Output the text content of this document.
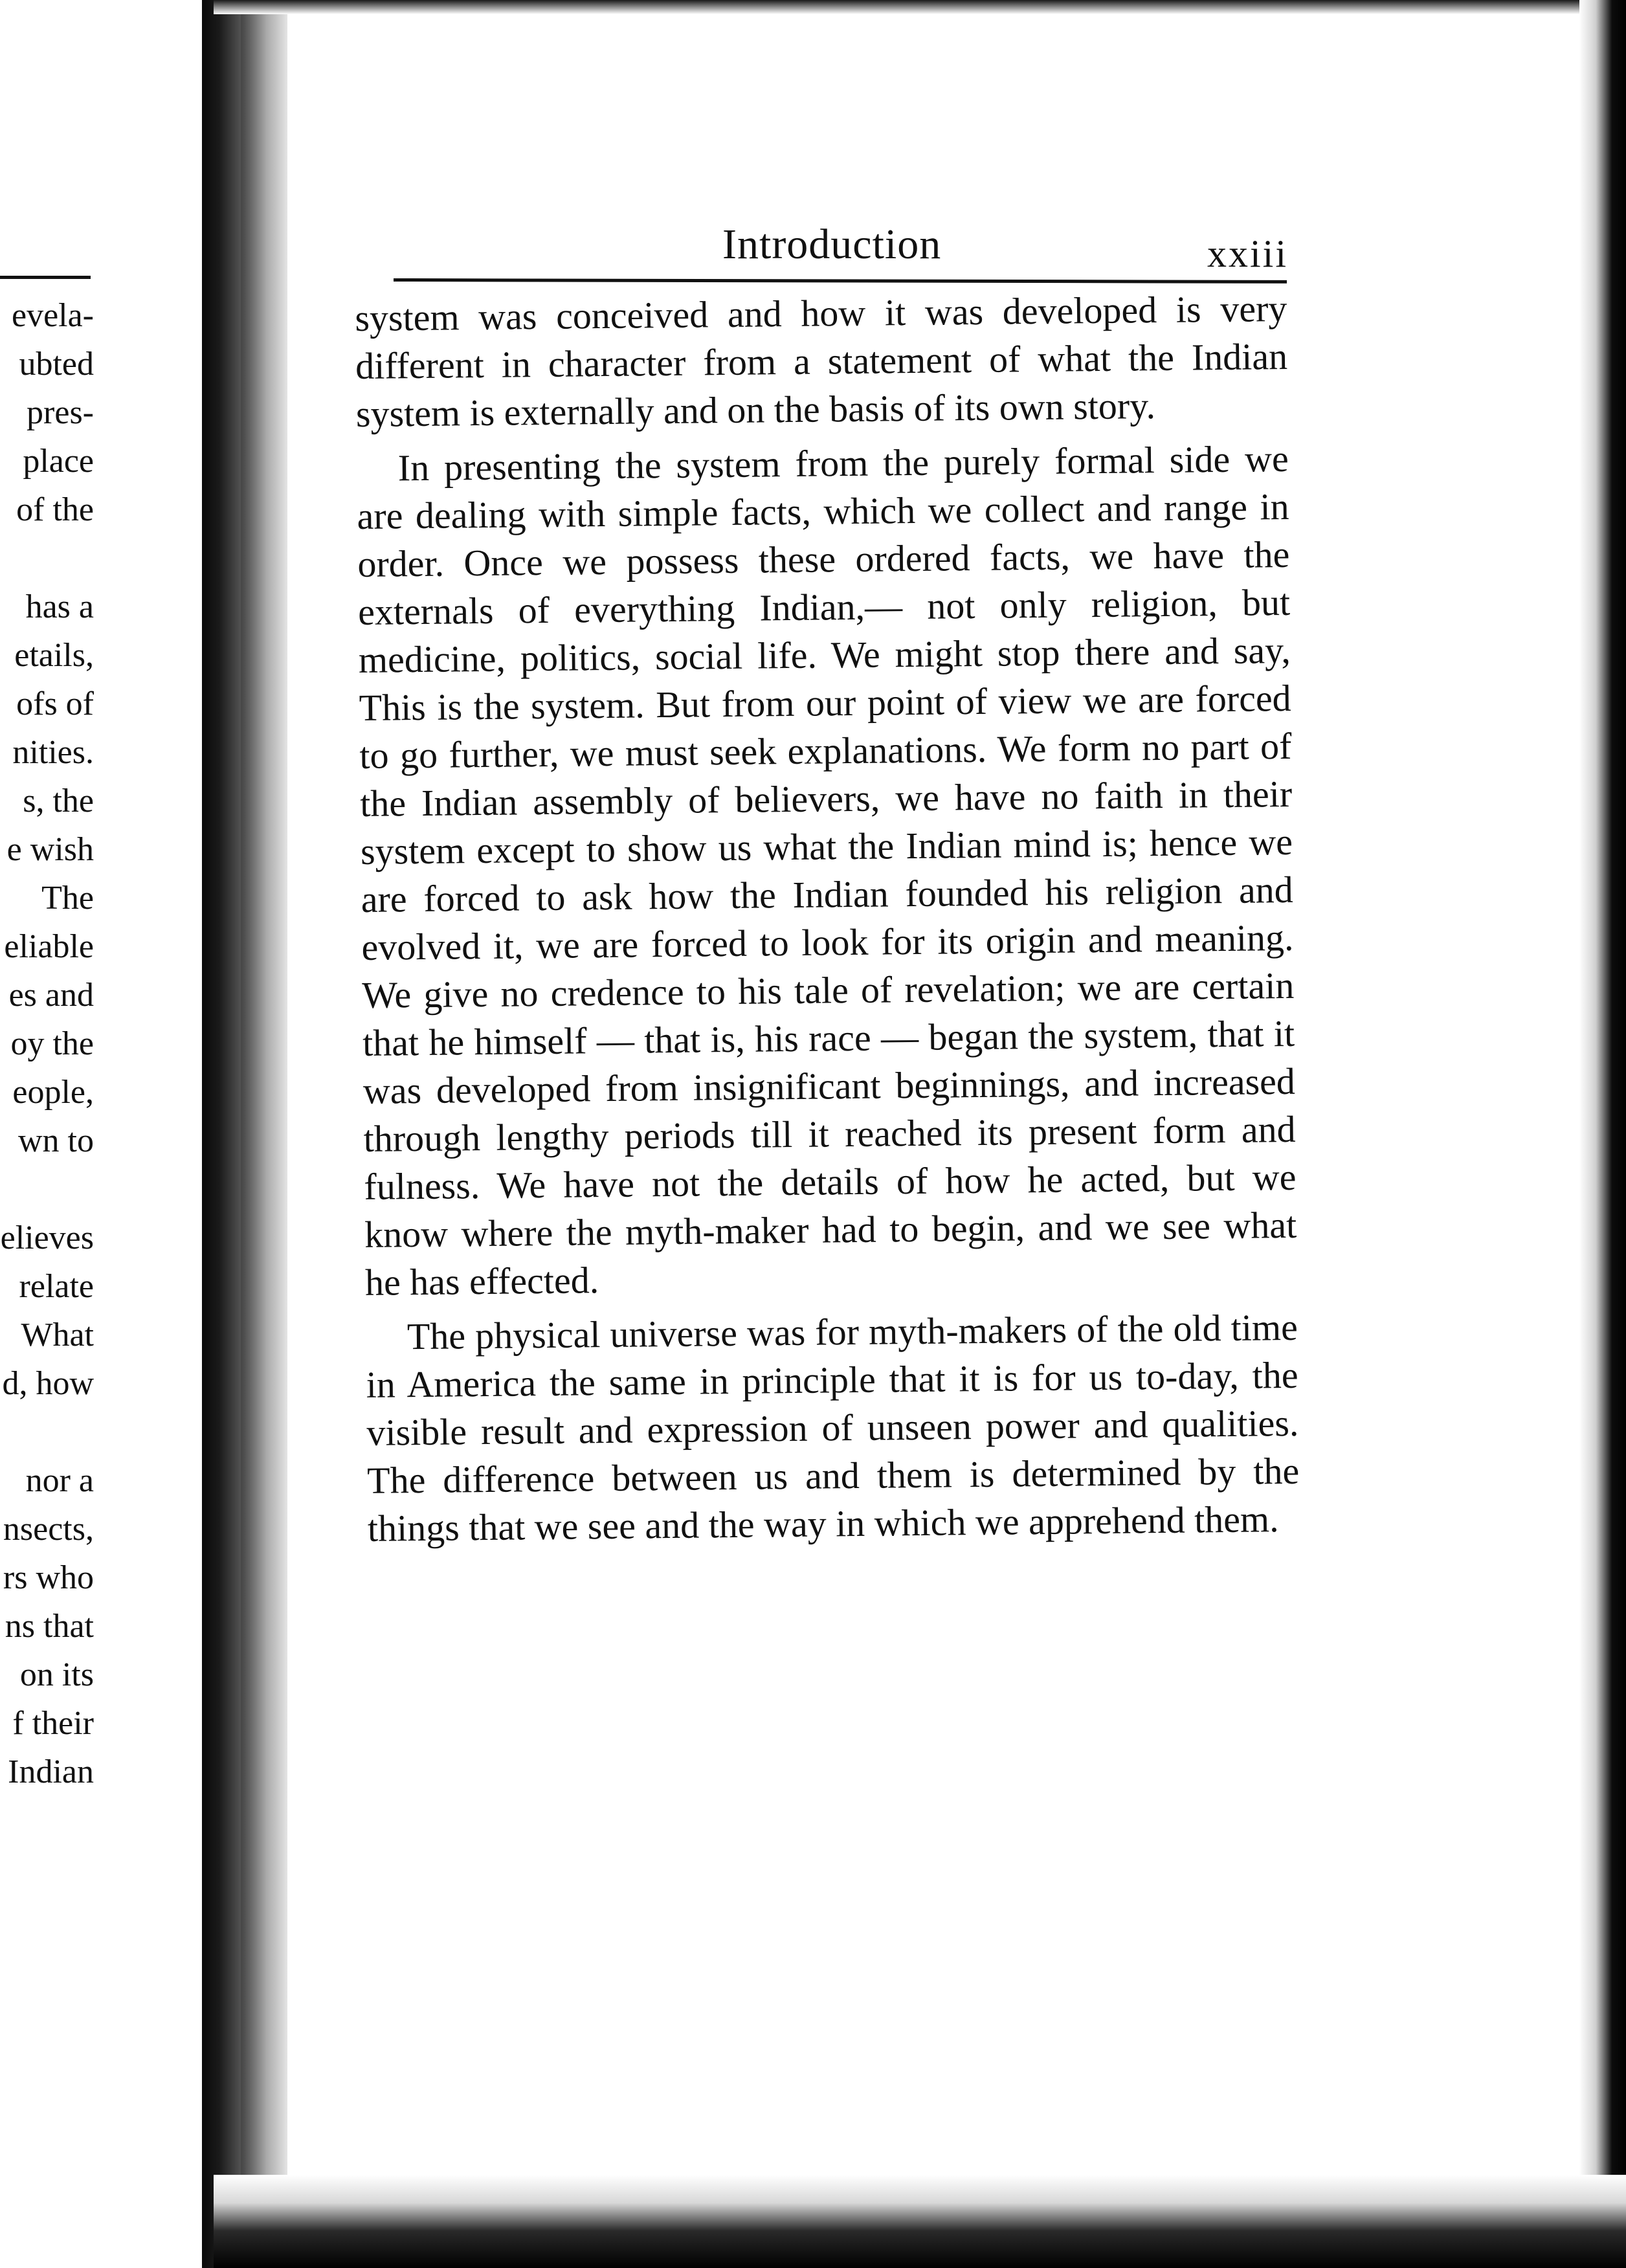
evela-
ubted
pres-
place
of the
has a
etails,
ofs of
nities.
s, the
e wish
The
eliable
es and
oy the
eople,
wn to
elieves
relate
What
d, how
nor a
nsects,
rs who
ns that
on its
f their
Indian
Introduction	xxiii

system was conceived and how it was developed is very different in character from a statement of what the Indian system is externally and on the basis of its own story.

In presenting the system from the purely formal side we are dealing with simple facts, which we collect and range in order. Once we possess these ordered facts, we have the externals of everything Indian,— not only religion, but medicine, politics, social life. We might stop there and say, This is the system. But from our point of view we are forced to go further, we must seek explanations. We form no part of the Indian assembly of believers, we have no faith in their system except to show us what the Indian mind is; hence we are forced to ask how the Indian founded his religion and evolved it, we are forced to look for its origin and meaning. We give no credence to his tale of revelation; we are certain that he himself — that is, his race — began the system, that it was developed from insignificant beginnings, and increased through lengthy periods till it reached its present form and fulness. We have not the details of how he acted, but we know where the myth-maker had to begin, and we see what he has effected.

The physical universe was for myth-makers of the old time in America the same in principle that it is for us to-day, the visible result and expression of unseen power and qualities. The difference between us and them is determined by the things that we see and the way in which we apprehend them.
